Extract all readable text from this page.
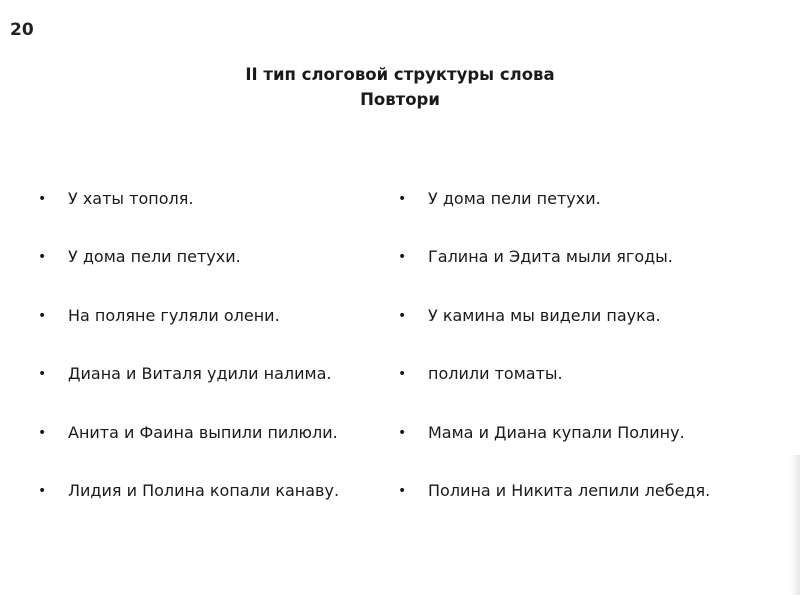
20
II тип слоговой структуры слова
Повтори
• У хаты тополя.
•У дома пели петухи.
• На поляне гуляли олени.
•Диана и Виталя удили налима.
• Анита и Фаина выпили пилюли.
• Лидия и Полина копали канаву.
•У дома пели петухи.
• Галина и Эдита мыли ягоды.
• У камина мы видели паука.
•полили томаты.
• Мама и Диана купали Полину.
• Полина и Никита лепили лебедя.
